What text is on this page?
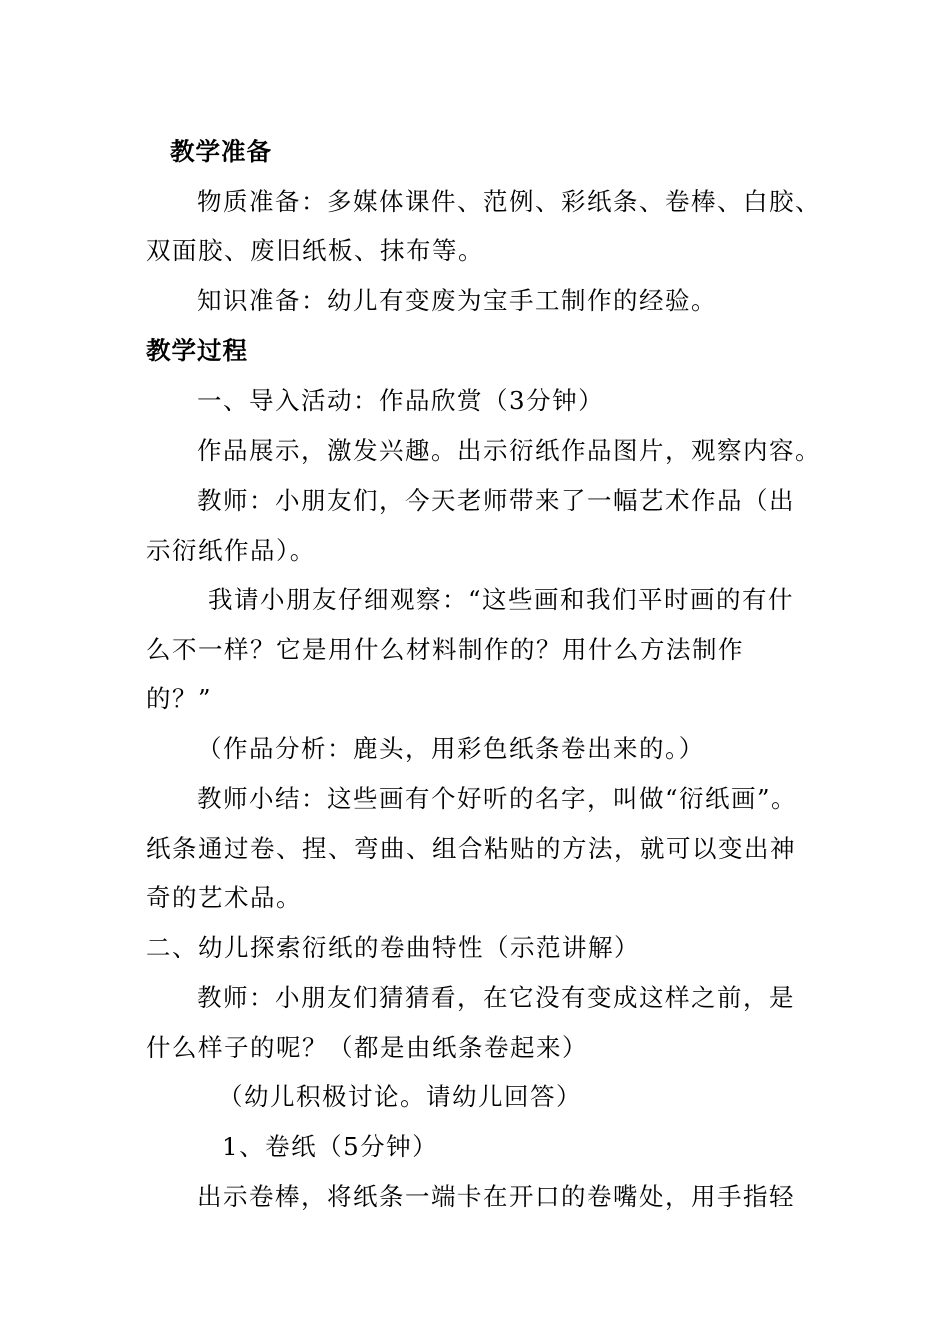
教学准备
物质准备：多媒体课件、范例、彩纸条、卷棒、白胶、
双面胶、废旧纸板、抹布等。
知识准备：幼儿有变废为宝手工制作的经验。
教学过程
一、导入活动：作品欣赏（3分钟）
作品展示，激发兴趣。出示衍纸作品图片，观察内容。
教师：小朋友们，今天老师带来了一幅艺术作品（出
示衍纸作品）。
我请小朋友仔细观察：“这些画和我们平时画的有什
么不一样？它是用什么材料制作的？用什么方法制作
的？”
（作品分析：鹿头，用彩色纸条卷出来的。）
教师小结：这些画有个好听的名字，叫做“衍纸画”。
纸条通过卷、捏、弯曲、组合粘贴的方法，就可以变出神
奇的艺术品。
二、幼儿探索衍纸的卷曲特性（示范讲解）
教师：小朋友们猜猜看，在它没有变成这样之前，是
什么样子的呢？（都是由纸条卷起来）
（幼儿积极讨论。请幼儿回答）
1、卷纸（5分钟）
出示卷棒，将纸条一端卡在开口的卷嘴处，用手指轻
